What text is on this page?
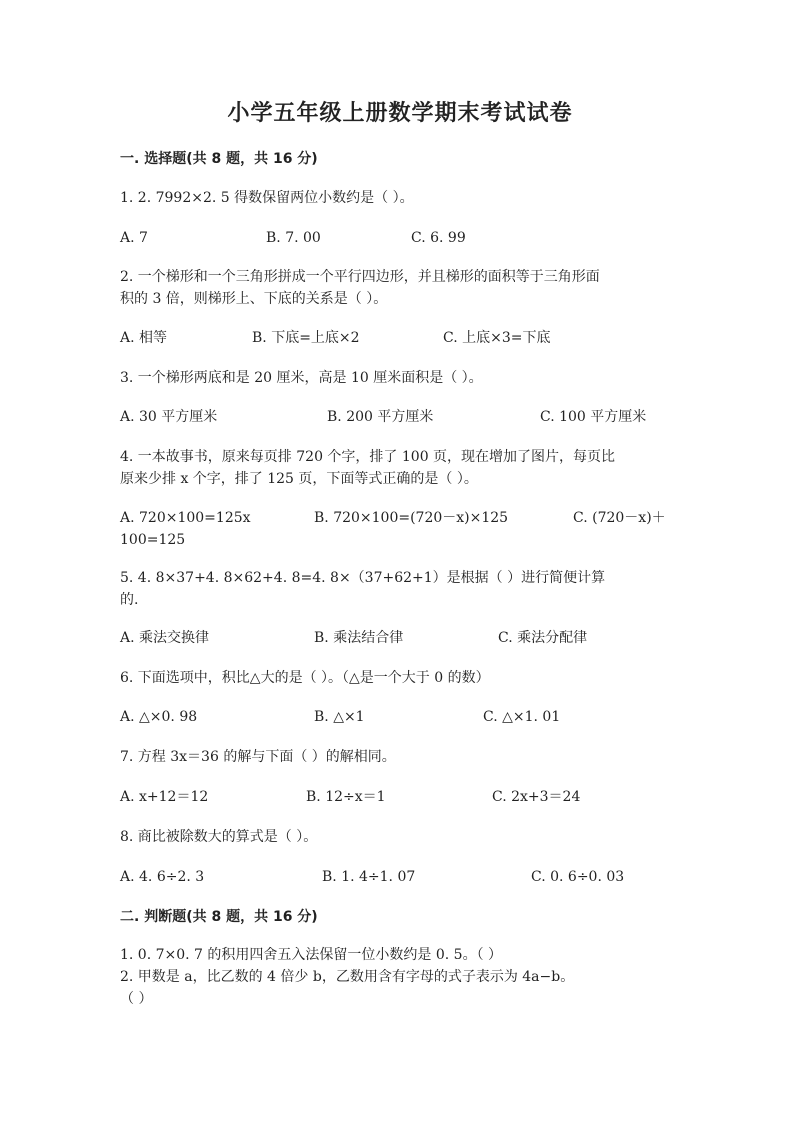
小学五年级上册数学期末考试试卷
一. 选择题(共 8 题，共 16 分)
1. 2. 7992×2. 5 得数保留两位小数约是（ ）。
A. 7	B. 7. 00	C. 6. 99
2. 一个梯形和一个三角形拼成一个平行四边形，并且梯形的面积等于三角形面
积的 3 倍，则梯形上、下底的关系是（ ）。
A. 相等	B. 下底=上底×2	C. 上底×3=下底
3. 一个梯形两底和是 20 厘米，高是 10 厘米面积是（ ）。
A. 30 平方厘米	B. 200 平方厘米	C. 100 平方厘米
4. 一本故事书，原来每页排 720 个字，排了 100 页，现在增加了图片，每页比
原来少排 x 个字，排了 125 页，下面等式正确的是（ ）。
A. 720×100=125x	B. 720×100=(720－x)×125	C. (720－x)＋
100=125
5. 4. 8×37+4. 8×62+4. 8=4. 8×（37+62+1）是根据（ ）进行简便计算
的.
A. 乘法交换律	B. 乘法结合律	C. 乘法分配律
6. 下面选项中，积比△大的是（ ）。（△是一个大于 0 的数）
A. △×0. 98	B. △×1	C. △×1. 01
7. 方程 3x＝36 的解与下面（ ）的解相同。
A. x+12＝12	B. 12÷x＝1	C. 2x+3＝24
8. 商比被除数大的算式是（ ）。
A. 4. 6÷2. 3	B. 1. 4÷1. 07	C. 0. 6÷0. 03
二. 判断题(共 8 题，共 16 分)
1. 0. 7×0. 7 的积用四舍五入法保留一位小数约是 0. 5。（ ）
2. 甲数是 a，比乙数的 4 倍少 b，乙数用含有字母的式子表示为 4a−b。
（ ）
